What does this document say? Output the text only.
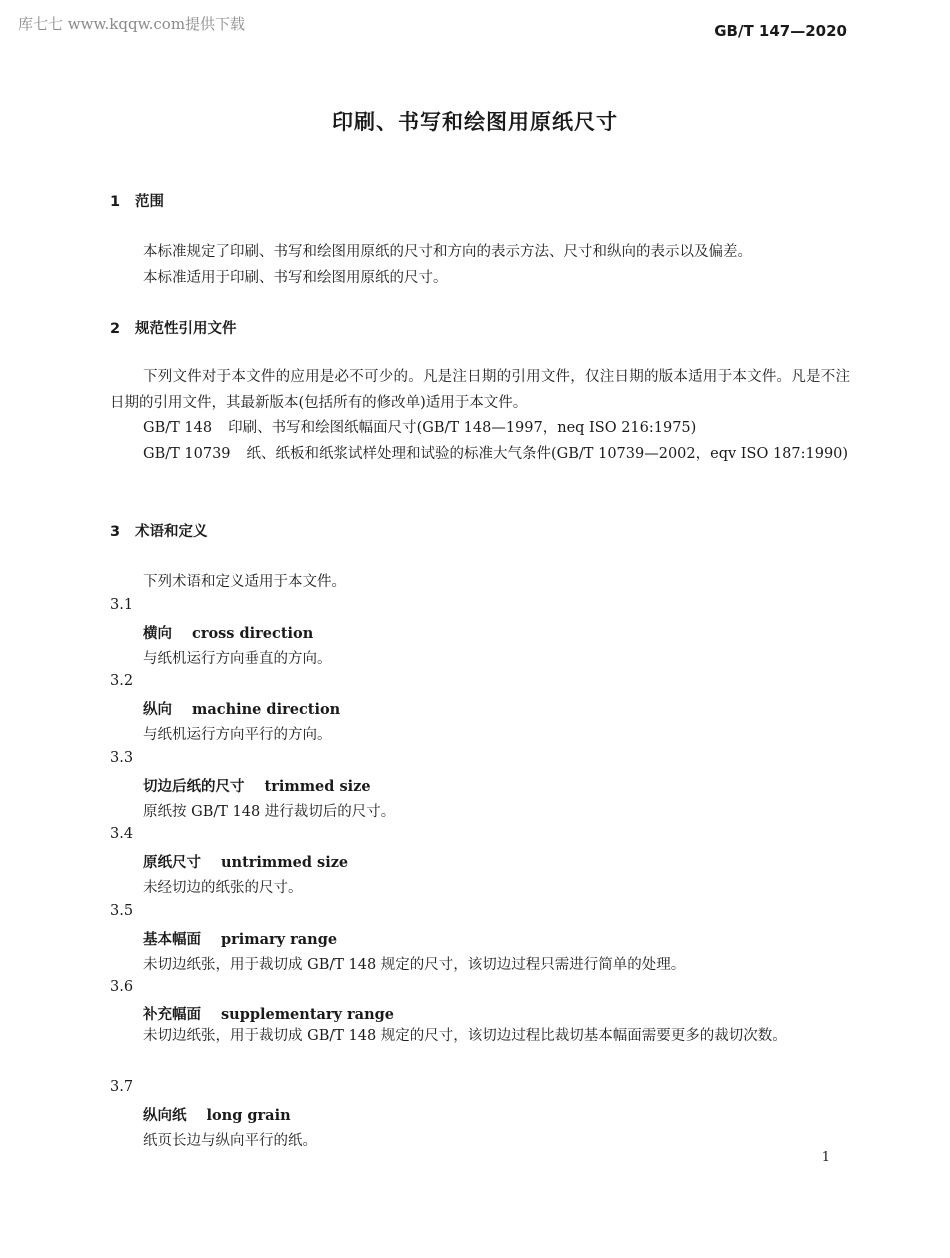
库七七 www.kqqw.com提供下载	GB/T 147—2020
印刷、书写和绘图用原纸尺寸
1 范围
本标准规定了印刷、书写和绘图用原纸的尺寸和方向的表示方法、尺寸和纵向的表示以及偏差。
本标准适用于印刷、书写和绘图用原纸的尺寸。
2 规范性引用文件
下列文件对于本文件的应用是必不可少的。凡是注日期的引用文件，仅注日期的版本适用于本文件。凡是不注日期的引用文件，其最新版本(包括所有的修改单)适用于本文件。
GB/T 148 印刷、书写和绘图纸幅面尺寸(GB/T 148—1997，neq ISO 216:1975)
GB/T 10739 纸、纸板和纸浆试样处理和试验的标准大气条件(GB/T 10739—2002，eqv ISO 187:1990)
3 术语和定义
下列术语和定义适用于本文件。
3.1
横向 cross direction
与纸机运行方向垂直的方向。
3.2
纵向 machine direction
与纸机运行方向平行的方向。
3.3
切边后纸的尺寸 trimmed size
原纸按 GB/T 148 进行裁切后的尺寸。
3.4
原纸尺寸 untrimmed size
未经切边的纸张的尺寸。
3.5
基本幅面 primary range
未切边纸张，用于裁切成 GB/T 148 规定的尺寸，该切边过程只需进行简单的处理。
3.6
补充幅面 supplementary range
未切边纸张，用于裁切成 GB/T 148 规定的尺寸，该切边过程比裁切基本幅面需要更多的裁切次数。
3.7
纵向纸 long grain
纸页长边与纵向平行的纸。
1
